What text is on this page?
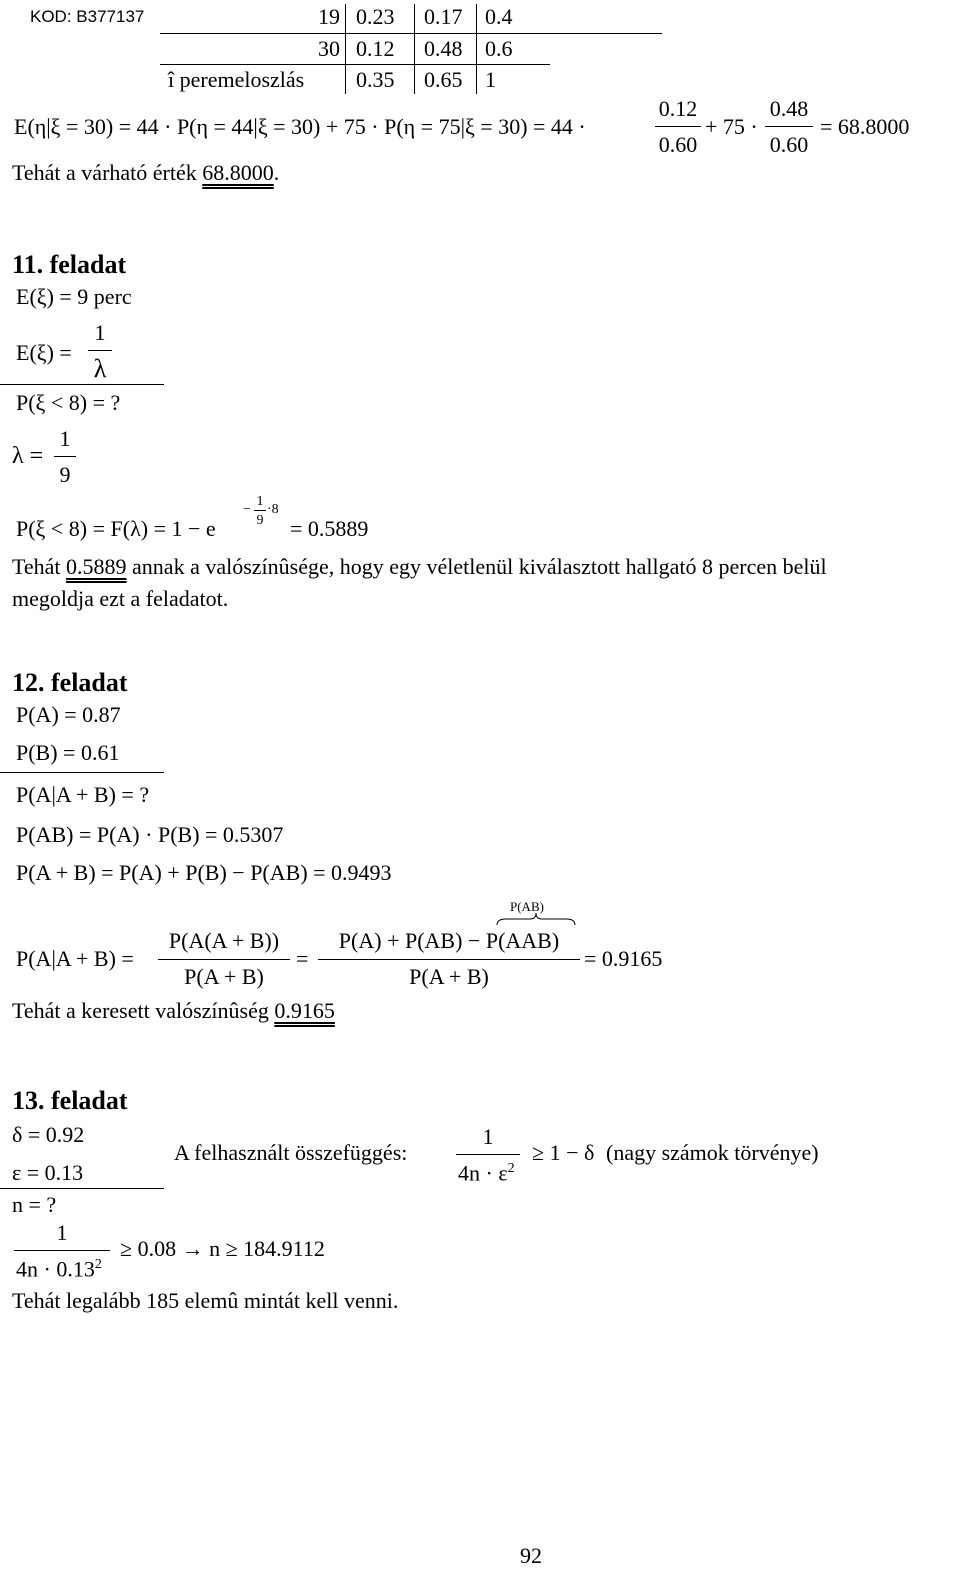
KOD: B377137	19 0.23 0.17 0.4
30 0.12 0.48 0.6
î peremeloszlás 0.35 0.65 1
E(η|ξ = 30) = 44 · P(η = 44|ξ = 30) + 75 · P(η = 75|ξ = 30) = 44 ·
0.12
0.60
+ 75 ·
0.48
0.60
= 68.8000
Tehát a várható érték 68.8000.
11. feladat
E(ξ) = 9 perc
E(ξ) =
1
λ
P(ξ < 8) = ?
λ =
1
9
P(ξ < 8) = F(λ) = 1 − e
−
1
9
·8
= 0.5889
Tehát 0.5889 annak a valószínûsége, hogy egy véletlenül kiválasztott hallgató 8 percen belül
megoldja ezt a feladatot.
12. feladat
P(A) = 0.87
P(B) = 0.61
P(A|A + B) = ?
P(AB) = P(A) · P(B) = 0.5307
P(A + B) = P(A) + P(B) − P(AB) = 0.9493
P(AB)
P(A|A + B) =
P(A(A + B))
P(A + B)
=
P(A) + P(AB) − P(AAB)
P(A + B)
= 0.9165
Tehát a keresett valószínûség 0.9165
13. feladat
δ = 0.92
ε = 0.13
n = ?
A felhasznált összefüggés:
1
$4n \cdot \varepsilon^2$
≥ 1 − δ (nagy számok törvénye)
1
$4n \cdot 0.13^2$
≥ 0.08 → n ≥ 184.9112
Tehát legalább 185 elemû mintát kell venni.
92
